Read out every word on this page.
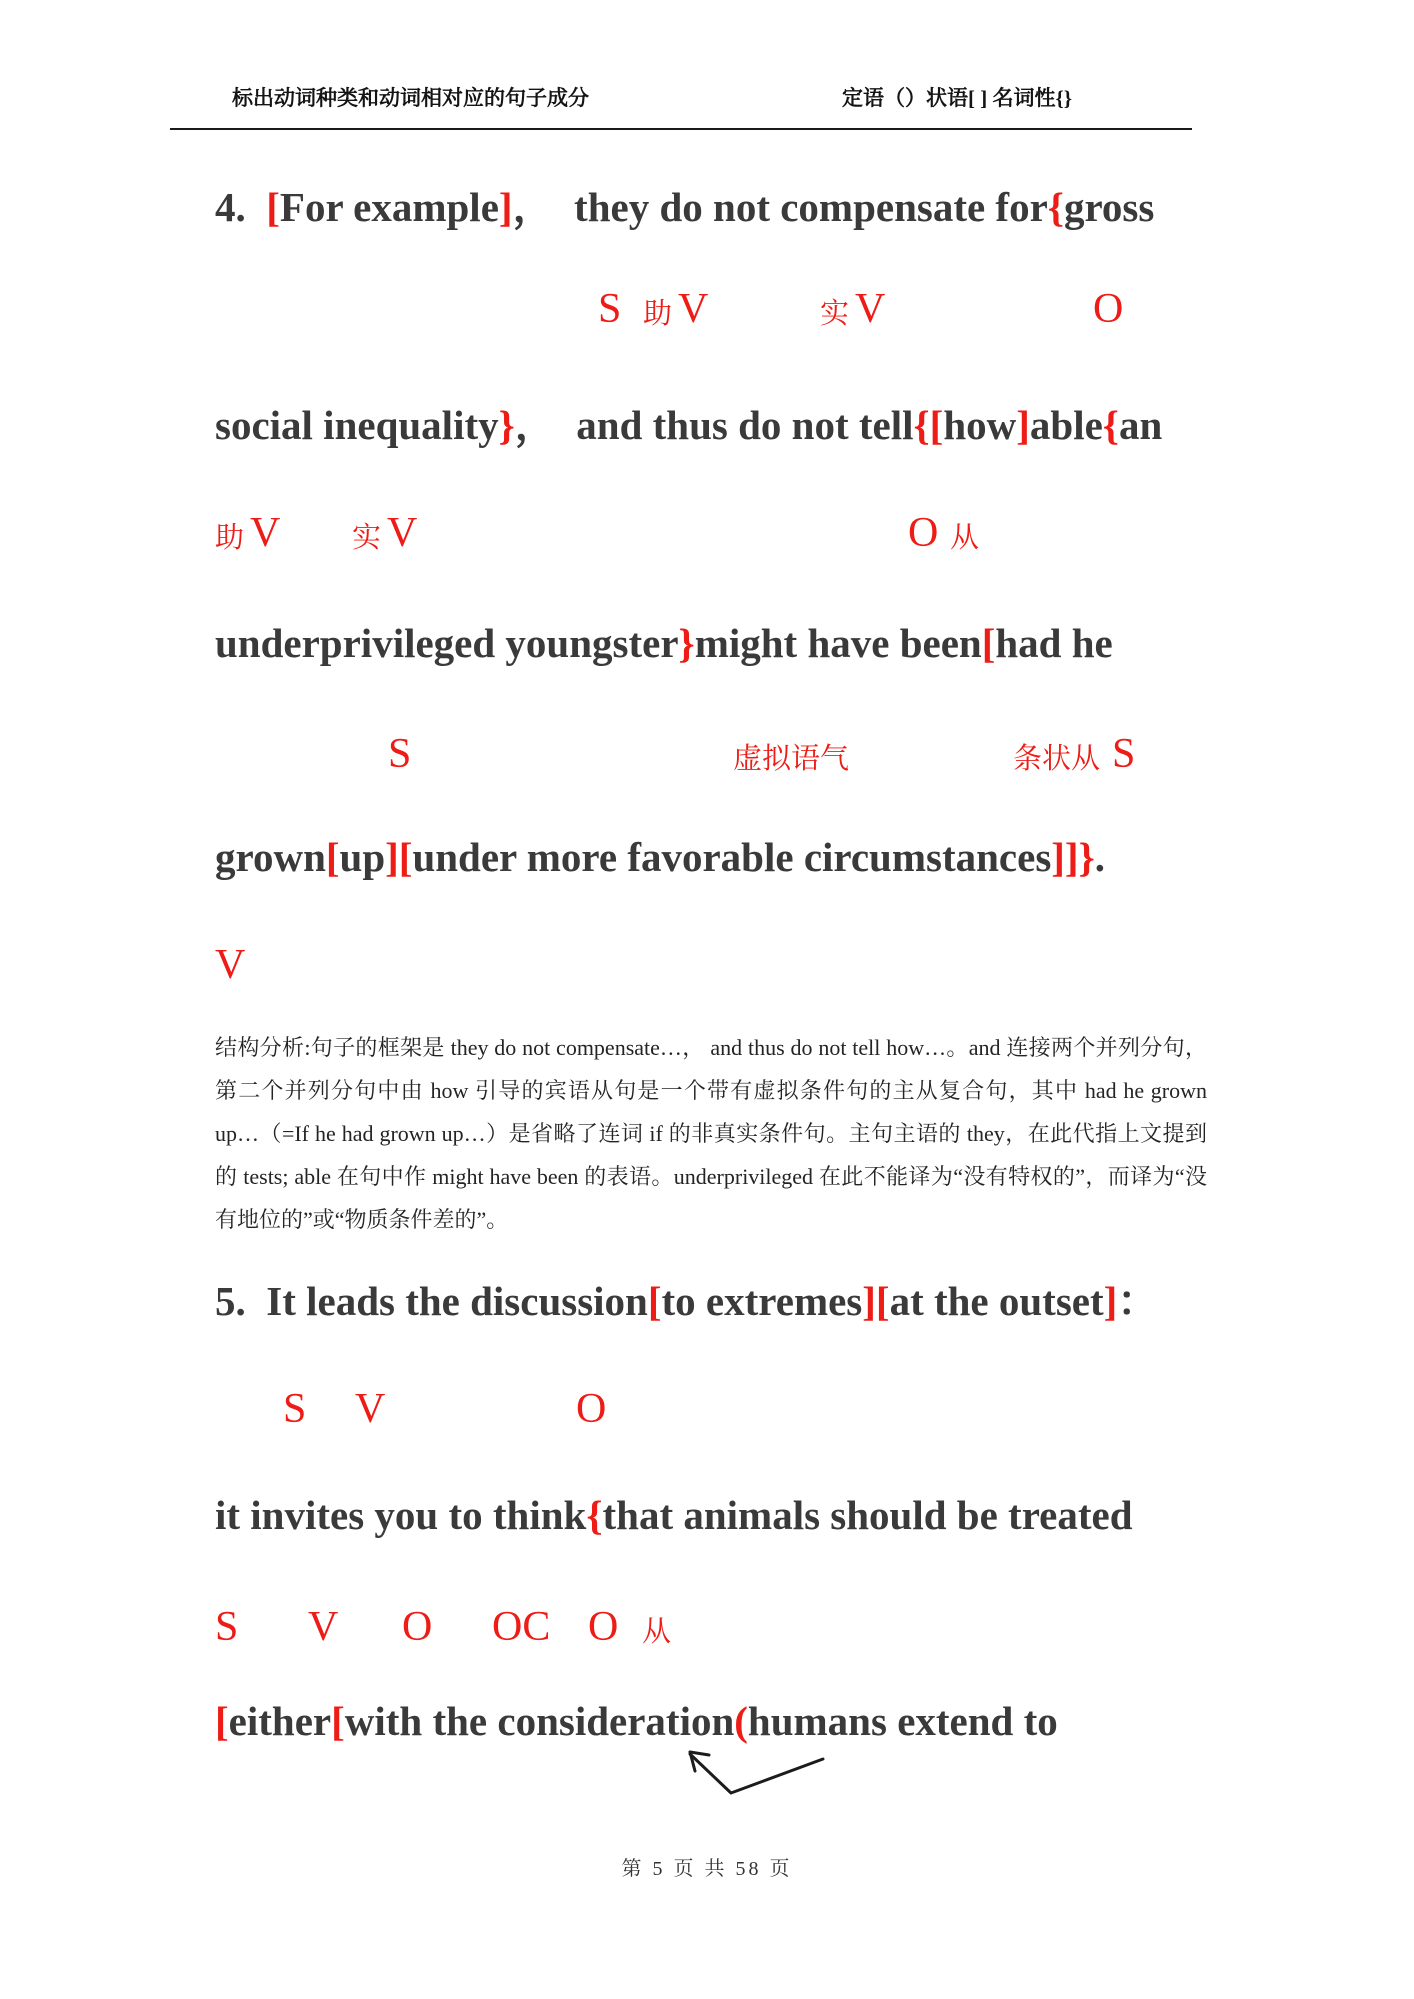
标出动词种类和动词相对应的句子成分	定语（）状语[ ] 名词性{}
4.  [For example]，  they do not compensate for{gross
S 助 V	实 V	O
social inequality}，  and thus do not tell{[how]able{an
助 V 实 V	O 从
underprivileged youngster}might have been[had he
S	虚拟语气	条状从 S
grown[up][under more favorable circumstances]]}.
V
结构分析:句子的框架是 they do not compensate…， and thus do not tell how…。and 连接两个并列分句，第二个并列分句中由 how 引导的宾语从句是一个带有虚拟条件句的主从复合句，其中 had he grown up…（=If he had grown up…）是省略了连词 if 的非真实条件句。主句主语的 they，在此代指上文提到的 tests; able 在句中作 might have been 的表语。underprivileged 在此不能译为“没有特权的”，而译为“没有地位的”或“物质条件差的”。
5.  It leads the discussion[to extremes][at the outset]：
S V	O
it invites you to think{that animals should be treated
S V O OC O 从
[either[with the consideration(humans extend to
第 5 页 共 58 页
